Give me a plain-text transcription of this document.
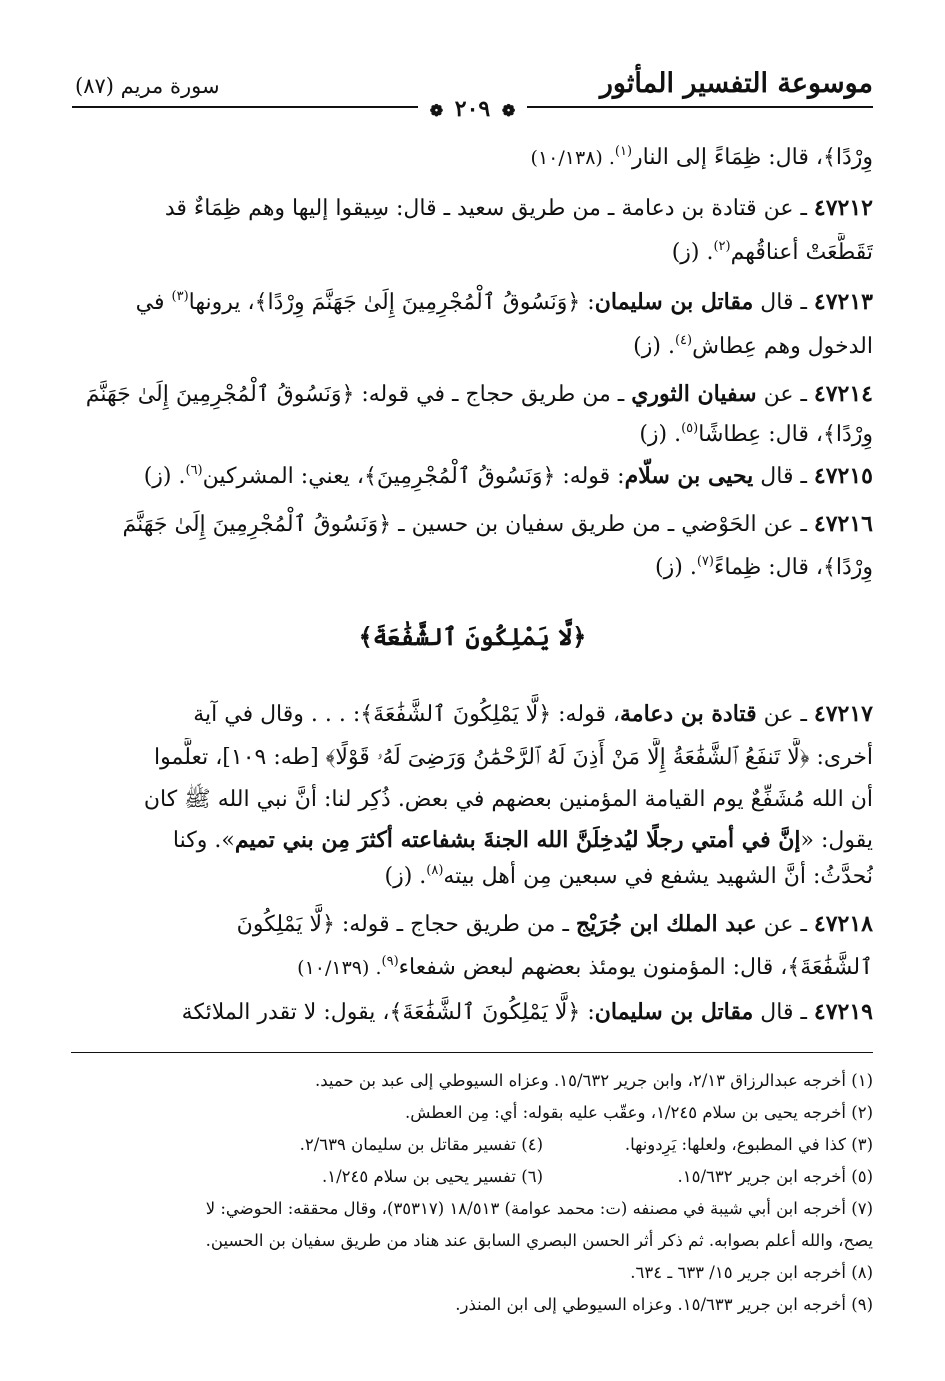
موسوعة التفسير المأثور
سورة مريم (٨٧)
❁ ٢٠٩ ❁
وِرْدًا﴾، قال: ظِمَاءً إلى النار$^{(١)}$. (١٠/١٣٨)
٤٧٢١٢ ـ عن قتادة بن دعامة ـ من طريق سعيد ـ قال: سِيقوا إليها وهم ظِمَاءٌ قد
تَقَطَّعَتْ أعناقُهم$^{(٢)}$. (ز)
٤٧٢١٣ ـ قال مقاتل بن سليمان: ﴿وَنَسُوقُ ٱلْمُجْرِمِينَ إِلَىٰ جَهَنَّمَ وِرْدًا﴾، يرونها$^{(٣)}$ في
الدخول وهم عِطاش$^{(٤)}$. (ز)
٤٧٢١٤ ـ عن سفيان الثوري ـ من طريق حجاج ـ في قوله: ﴿وَنَسُوقُ ٱلْمُجْرِمِينَ إِلَىٰ جَهَنَّمَ
وِرْدًا﴾، قال: عِطاشًا$^{(٥)}$. (ز)
٤٧٢١٥ ـ قال يحيى بن سلّام: قوله: ﴿وَنَسُوقُ ٱلْمُجْرِمِينَ﴾، يعني: المشركين$^{(٦)}$. (ز)
٤٧٢١٦ ـ عن الحَوْضي ـ من طريق سفيان بن حسين ـ ﴿وَنَسُوقُ ٱلْمُجْرِمِينَ إِلَىٰ جَهَنَّمَ
وِرْدًا﴾، قال: ظِماءً$^{(٧)}$. (ز)
﴿لَّا يَمْلِكُونَ ٱلشَّفَٰعَةَ﴾
٤٧٢١٧ ـ عن قتادة بن دعامة، قوله: ﴿لَّا يَمْلِكُونَ ٱلشَّفَٰعَةَ﴾: . . . وقال في آية
أخرى: ﴿لَّا تَنفَعُ ٱلشَّفَٰعَةُ إِلَّا مَنْ أَذِنَ لَهُ ٱلرَّحْمَٰنُ وَرَضِىَ لَهُۥ قَوْلًا﴾ [طه: ١٠٩]، تعلَّموا
أن الله مُشَفِّعٌ يوم القيامة المؤمنين بعضهم في بعض. ذُكِر لنا: أنَّ نبي الله ﷺ كان
يقول: «إنَّ في أمتي رجلًا ليُدخِلَنَّ الله الجنةَ بشفاعته أكثرَ مِن بني تميم». وكنا
نُحدَّثُ: أنَّ الشهيد يشفع في سبعين مِن أهل بيته$^{(٨)}$. (ز)
٤٧٢١٨ ـ عن عبد الملك ابن جُرَيْج ـ من طريق حجاج ـ قوله: ﴿لَّا يَمْلِكُونَ
ٱلشَّفَٰعَةَ﴾، قال: المؤمنون يومئذ بعضهم لبعض شفعاء$^{(٩)}$. (١٠/١٣٩)
٤٧٢١٩ ـ قال مقاتل بن سليمان: ﴿لَّا يَمْلِكُونَ ٱلشَّفَٰعَةَ﴾، يقول: لا تقدر الملائكة
(١) أخرجه عبدالرزاق ٢/١٣، وابن جرير ١٥/٦٣٢. وعزاه السيوطي إلى عبد بن حميد.
(٢) أخرجه يحيى بن سلام ١/٢٤٥، وعقّب عليه بقوله: أي: مِن العطش.
(٣) كذا في المطبوع، ولعلها: يَرِدونها.(٤) تفسير مقاتل بن سليمان ٢/٦٣٩.
(٥) أخرجه ابن جرير ١٥/٦٣٢.(٦) تفسير يحيى بن سلام ١/٢٤٥.
(٧) أخرجه ابن أبي شيبة في مصنفه (ت: محمد عوامة) ١٨/٥١٣ (٣٥٣١٧)، وقال محققه: الحوضي: لا
يصح، والله أعلم بصوابه. ثم ذكر أثر الحسن البصري السابق عند هناد من طريق سفيان بن الحسين.
(٨) أخرجه ابن جرير ١٥/ ٦٣٣ ـ ٦٣٤.
(٩) أخرجه ابن جرير ١٥/٦٣٣. وعزاه السيوطي إلى ابن المنذر.
